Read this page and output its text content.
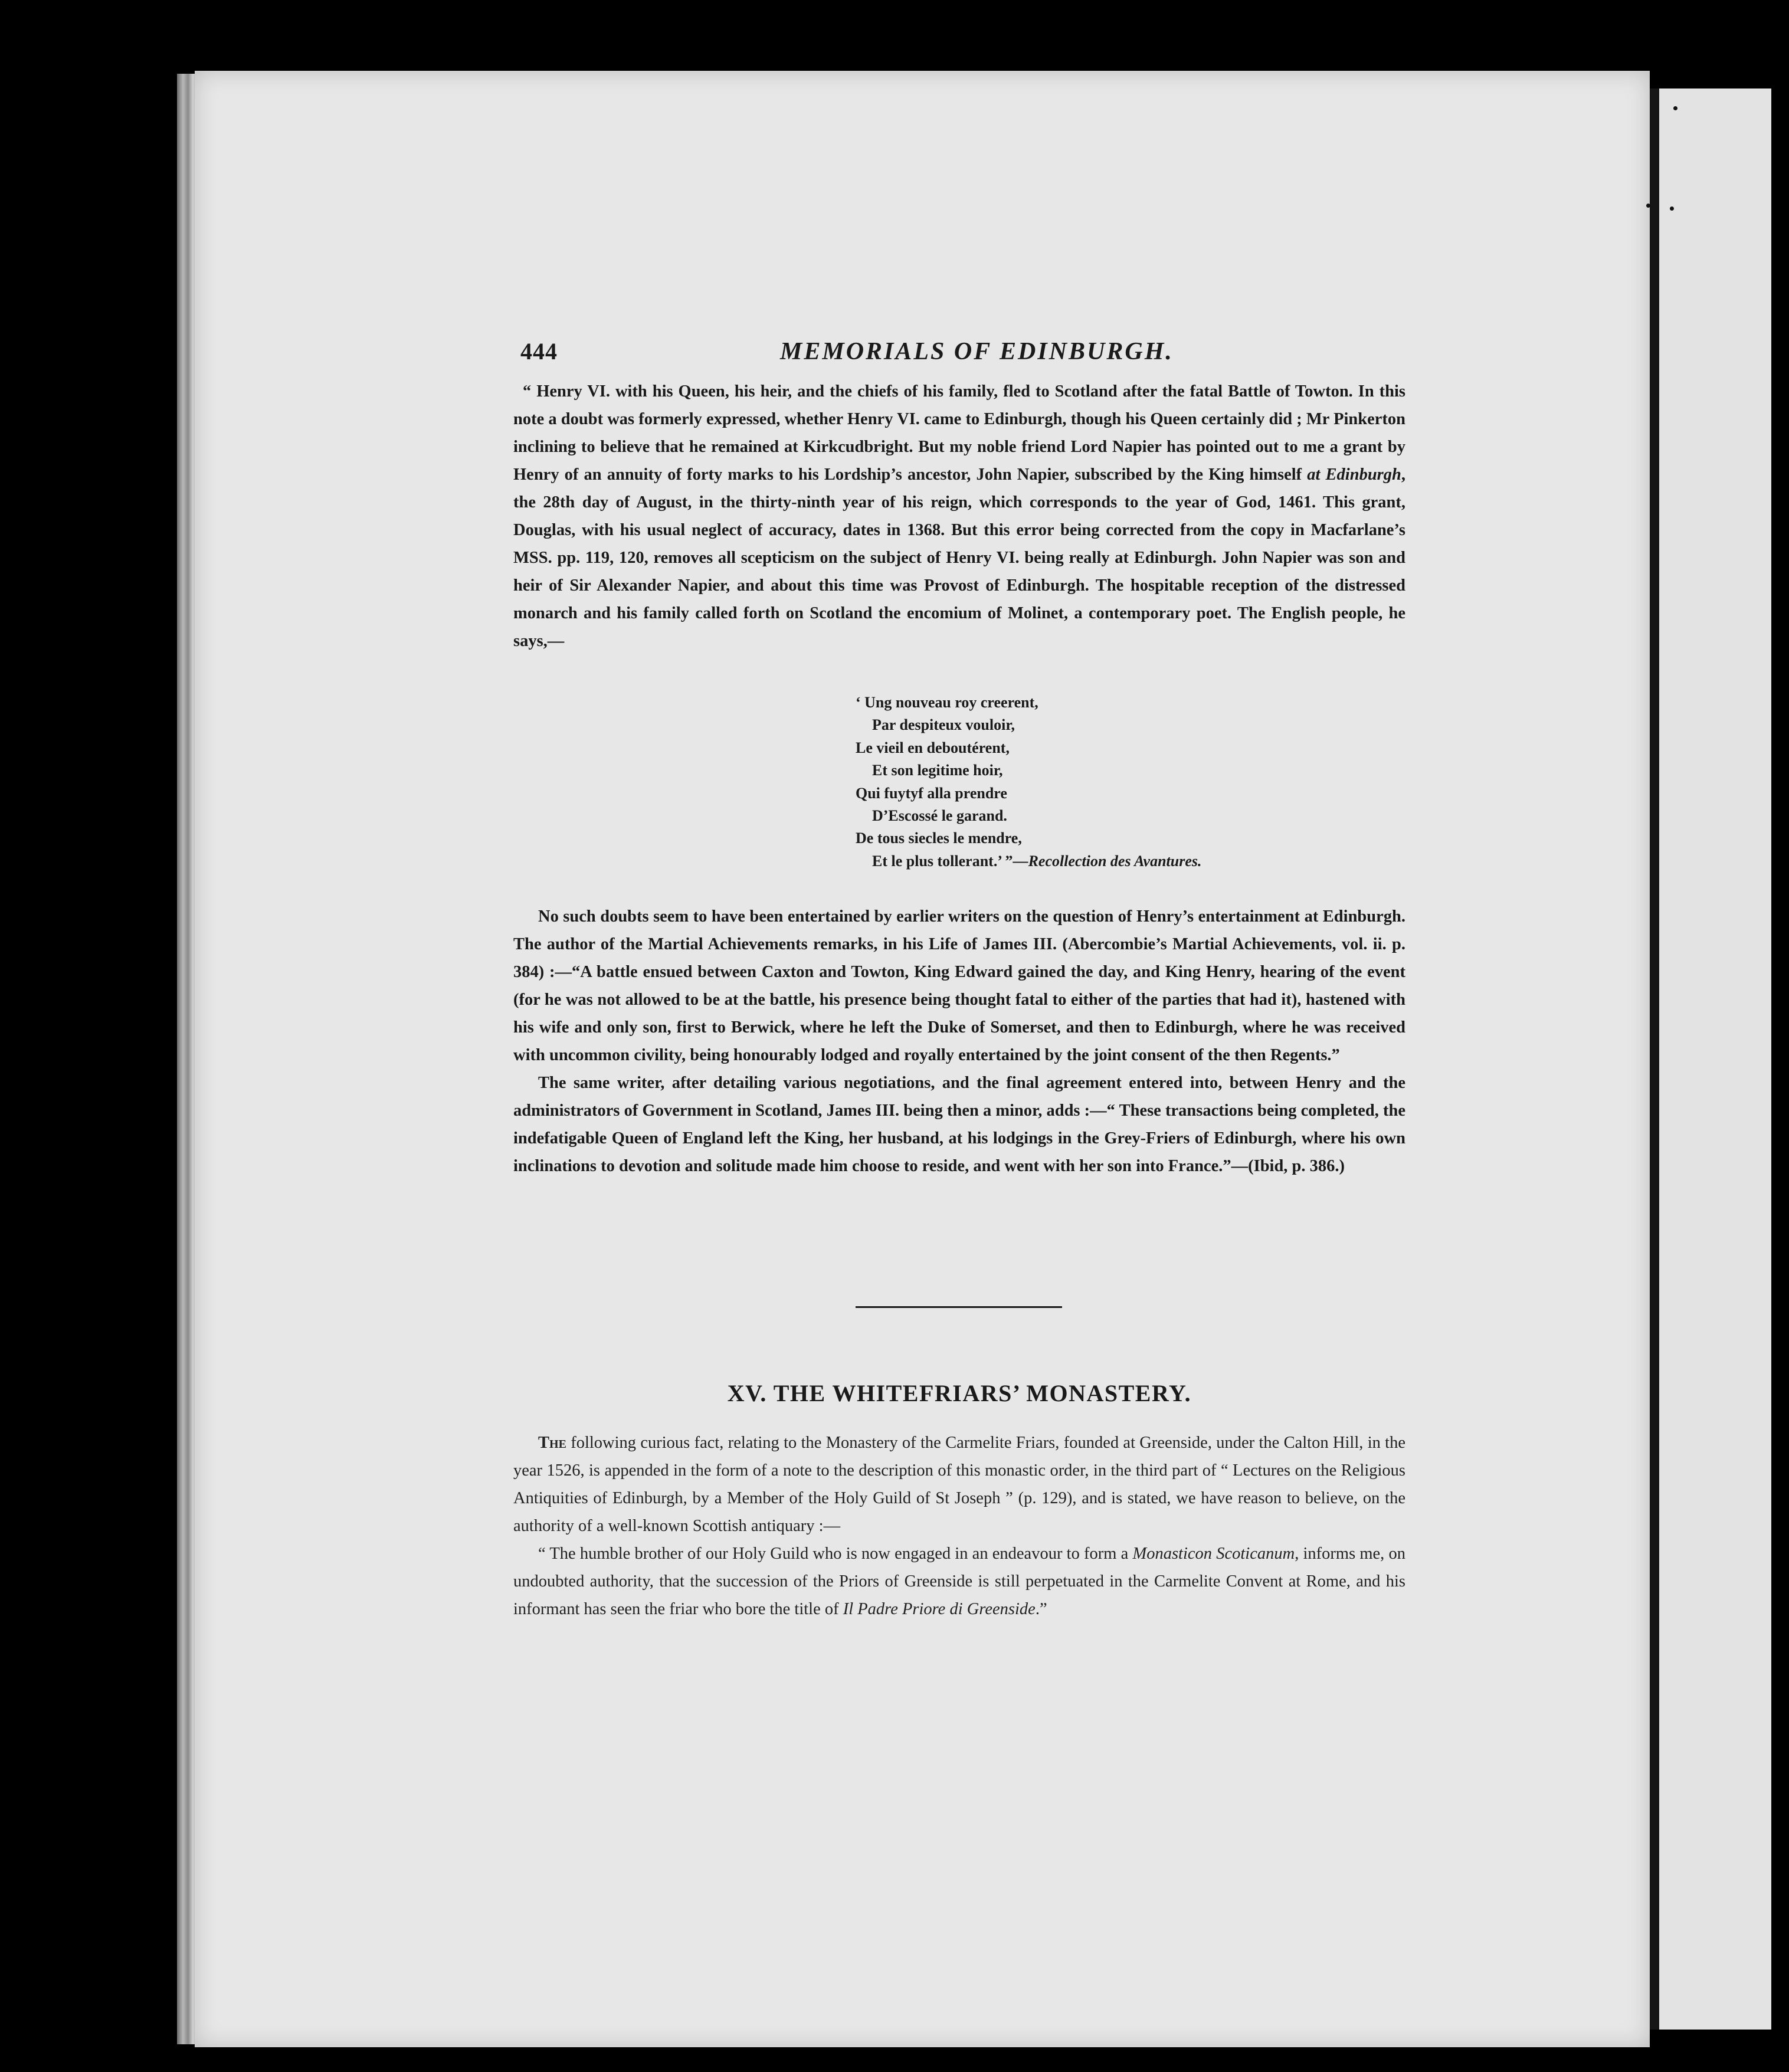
444	MEMORIALS OF EDINBURGH.

“ Henry VI. with his Queen, his heir, and the chiefs of his family, fled to Scotland after the fatal Battle of Towton. In this note a doubt was formerly expressed, whether Henry VI. came to Edinburgh, though his Queen certainly did ; Mr Pinkerton inclining to believe that he remained at Kirkcudbright. But my noble friend Lord Napier has pointed out to me a grant by Henry of an annuity of forty marks to his Lordship’s ancestor, John Napier, subscribed by the King himself at Edinburgh, the 28th day of August, in the thirty-ninth year of his reign, which corresponds to the year of God, 1461. This grant, Douglas, with his usual neglect of accuracy, dates in 1368. But this error being corrected from the copy in Macfarlane’s MSS. pp. 119, 120, removes all scepticism on the subject of Henry VI. being really at Edinburgh. John Napier was son and heir of Sir Alexander Napier, and about this time was Provost of Edinburgh. The hospitable reception of the distressed monarch and his family called forth on Scotland the encomium of Molinet, a contemporary poet. The English people, he says,—

‘ Ung nouveau roy creerent,
Par despiteux vouloir,
Le vieil en deboutérent,
Et son legitime hoir,
Qui fuytyf alla prendre
D’Escossé le garand.
De tous siecles le mendre,
Et le plus tollerant.’ ”—Recollection des Avantures.

No such doubts seem to have been entertained by earlier writers on the question of Henry’s entertainment at Edinburgh. The author of the Martial Achievements remarks, in his Life of James III. (Abercombie’s Martial Achievements, vol. ii. p. 384) :—“A battle ensued between Caxton and Towton, King Edward gained the day, and King Henry, hearing of the event (for he was not allowed to be at the battle, his presence being thought fatal to either of the parties that had it), hastened with his wife and only son, first to Berwick, where he left the Duke of Somerset, and then to Edinburgh, where he was received with uncommon civility, being honourably lodged and royally entertained by the joint consent of the then Regents.”

The same writer, after detailing various negotiations, and the final agreement entered into, between Henry and the administrators of Government in Scotland, James III. being then a minor, adds :—“ These transactions being completed, the indefatigable Queen of England left the King, her husband, at his lodgings in the Grey-Friers of Edinburgh, where his own inclinations to devotion and solitude made him choose to reside, and went with her son into France.”—(Ibid, p. 386.)

XV. THE WHITEFRIARS’ MONASTERY.

The following curious fact, relating to the Monastery of the Carmelite Friars, founded at Greenside, under the Calton Hill, in the year 1526, is appended in the form of a note to the description of this monastic order, in the third part of “ Lectures on the Religious Antiquities of Edinburgh, by a Member of the Holy Guild of St Joseph ” (p. 129), and is stated, we have reason to believe, on the authority of a well-known Scottish antiquary :—

“ The humble brother of our Holy Guild who is now engaged in an endeavour to form a Monasticon Scoticanum, informs me, on undoubted authority, that the succession of the Priors of Greenside is still perpetuated in the Carmelite Convent at Rome, and his informant has seen the friar who bore the title of Il Padre Priore di Greenside.”
